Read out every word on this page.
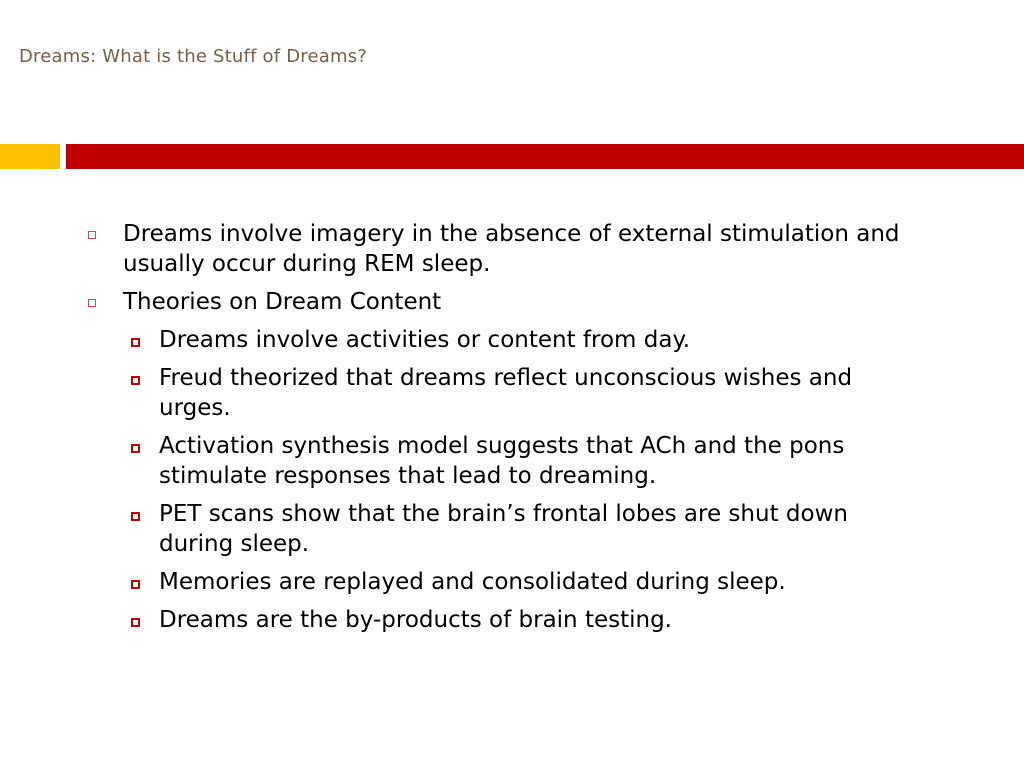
Dreams: What is the Stuff of Dreams?
Dreams involve imagery in the absence of external stimulation and usually occur during REM sleep.
Theories on Dream Content
Dreams involve activities or content from day.
Freud theorized that dreams reflect unconscious wishes and urges.
Activation synthesis model suggests that ACh and the pons stimulate responses that lead to dreaming.
PET scans show that the brain’s frontal lobes are shut down during sleep.
Memories are replayed and consolidated during sleep.
Dreams are the by-products of brain testing.
